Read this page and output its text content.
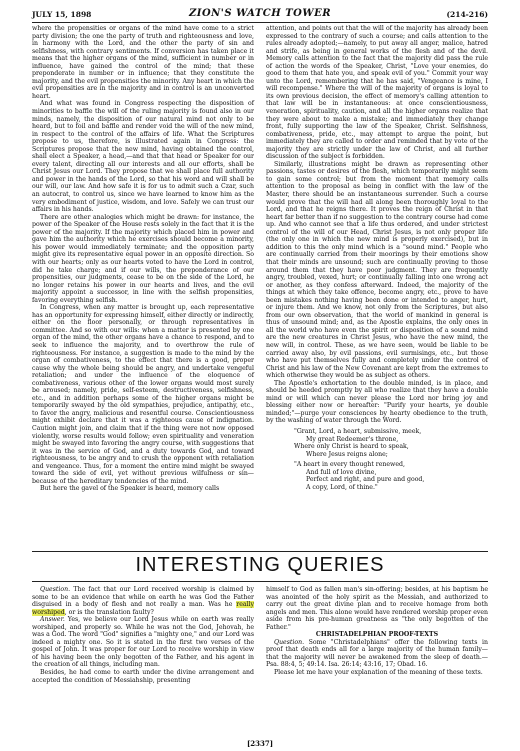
JULY 15, 1898	ZION'S WATCH TOWER	(214-216)

where the propensities or organs of the mind have come to a strict party division; the one the party of truth and righteousness and love, in harmony with the Lord, and the other the party of sin and selfishness, with contrary sentiments. If conversion has taken place it means that the higher organs of the mind, sufficient in number or in influence, have gained the control of the mind; that these preponderate in number or in influence; that they constitute the majority, and the evil propensities the minority. Any heart in which the evil propensities are in the majority and in control is an unconverted heart.

And what was found in Congress respecting the disposition of minorities to baffle the will of the ruling majority is found also in our minds, namely, the disposition of our natural mind not only to be heard, but to foil and baffle and render void the will of the new mind, in respect to the control of the affairs of life. What the Scriptures propose to us, therefore, is illustrated again in Congress: the Scriptures propose that the new mind, having obtained the control, shall elect a Speaker, a head,—and that that head or Speaker for our every talent, directing all our interests and all our efforts, shall be Christ Jesus our Lord. They propose that we shall place full authority and power in the hands of the Lord, so that his word and will shall be our will, our law. And how safe it is for us to admit such a Czar, such an autocrat, to control us, since we have learned to know him as the very embodiment of justice, wisdom, and love. Safely we can trust our affairs in his hands.

There are other analogies which might be drawn: for instance, the power of the Speaker of the House rests solely in the fact that it is the power of the majority. If the majority which placed him in power and gave him the authority which he exercises should become a minority, his power would immediately terminate; and the opposition party might give its representative equal power in an opposite direction. So with our hearts; only as our hearts voted to have the Lord in control, did he take charge; and if our wills, the preponderance of our propensities, our judgments, cease to be on the side of the Lord, he no longer retains his power in our hearts and lives, and the evil majority appoint a successor, in line with the selfish propensities, favoring everything selfish.

In Congress, when any matter is brought up, each representative has an opportunity for expressing himself, either directly or indirectly, either on the floor personally, or through representatives in committee. And so with our wills: when a matter is presented by one organ of the mind, the other organs have a chance to respond, and to seek to influence the majority, and to overthrow the rule of righteousness. For instance, a suggestion is made to the mind by the organ of combativeness, to the effect that there is a good, proper cause why the whole being should be angry, and undertake vengeful retaliation; and under the influence of the eloquence of combativeness, various other of the lower organs would most surely be aroused; namely, pride, self-esteem, destructiveness, selfishness, etc., and in addition perhaps some of the higher organs might be temporarily swayed by the old sympathies, prejudice, antipathy, etc., to favor the angry, malicious and resentful course. Conscientiousness might exhibit declare that it was a righteous cause of indignation. Caution might join, and claim that if the thing were not now opposed violently, worse results would follow; even spirituality and veneration might be swayed into favoring the angry course, with suggestions that it was in the service of God, and a duty towards God, and toward righteousness, to be angry and to crush the opponent with retaliation and vengeance. Thus, for a moment the entire mind might be swayed toward the side of evil, yet without previous wilfulness or sin—because of the hereditary tendencies of the mind.

But here the gavel of the Speaker is heard, memory calls

attention, and points out that the will of the majority has already been expressed to the contrary of such a course; and calls attention to the rules already adopted;—namely, to put away all anger, malice, hatred and strife, as being in general works of the flesh and of the devil. Memory calls attention to the fact that the majority did pass the rule of action the words of the Speaker, Christ, "Love your enemies, do good to them that hate you, and speak evil of you." Commit your way unto the Lord, remembering that he has said, "Vengeance is mine, I will recompense." Where the will of the majority of organs is loyal to its own previous decision, the effect of memory's calling attention to that law will be in instantaneous: at once conscientiousness, veneration, spirituality, caution, and all the higher organs realize that they were about to make a mistake; and immediately they change front, fully supporting the law of the Speaker, Christ. Selfishness, combativeness, pride, etc., may attempt to argue the point, but immediately they are called to order and reminded that by vote of the majority they are strictly under the law of Christ, and all further discussion of the subject is forbidden.

Similarly, illustrations might be drawn as representing other passions, tastes or desires of the flesh, which temporarily might seem to gain some control; but from the moment that memory calls attention to the proposal as being in conflict with the law of the Master, there should be an instantaneous surrender. Such a course would prove that the will had all along been thoroughly loyal to the Lord, and that he reigns there. It proves the reign of Christ in that heart far better than if no suggestion to the contrary course had come up. And who cannot see that a life thus ordered, and under strictest control of the will of our Head, Christ Jesus, is not only proper life (the only one in which the new mind is properly exercised), but in addition to this the only mind which is a "sound mind." People who are continually carried from their moorings by their emotions show that their minds are unsound; such are continually proving to those around them that they have poor judgment. They are frequently angry, troubled, vexed, hurt; or continually falling into one wrong act or another, as they confess afterward. Indeed, the majority of the things at which they take offence, become angry, etc., prove to have been mistakes nothing having been done or intended to anger, hurt, or injure them. And we know, not only from the Scriptures, but also from our own observation, that the world of mankind in general is thus of unsound mind; and, as the Apostle explains, the only ones in all the world who have even the spirit or disposition of a sound mind are the new creatures in Christ Jesus, who have the new mind, the new will, in control. These, as we have seen, would be liable to be carried away also, by evil passions, evil surmisings, etc., but those who have put themselves fully and completely under the control of Christ and his law of the New Covenant are kept from the extremes to which otherwise they would be as subject as others.

The Apostle's exhortation to the double minded, is in place, and should be heeded promptly by all who realize that they have a double mind or will which can never please the Lord nor bring joy and blessing either now or hereafter: "Purify your hearts, ye double minded;"—purge your consciences by hearty obedience to the truth, by the washing of water through the Word.

"Grant, Lord, a heart, submissive, meek,

My great Redeemer's throne,

Where only Christ is heard to speak,

Where Jesus reigns alone;

"A heart in every thought renewed,

And full of love divine,

Perfect and right, and pure and good,

A copy, Lord, of thine."

INTERESTING QUERIES

Question. The fact that our Lord received worship is claimed by some to be an evidence that while on earth he was God the Father disguised in a body of flesh and not really a man. Was he really worshiped, or is the translation faulty?

Answer. Yes, we believe our Lord Jesus while on earth was really worshiped, and properly so. While he was not the God, Jehovah, he was a God. The word "God" signifies a "mighty one," and our Lord was indeed a mighty one. So it is stated in the first two verses of the gospel of John. It was proper for our Lord to receive worship in view of his having been the only begotten of the Father, and his agent in the creation of all things, including man.

Besides, he had come to earth under the divine arrangement and accepted the condition of Messiahship, presenting

himself to God as fallen man's sin-offering; besides, at his baptism he was anointed of the holy spirit as the Messiah, and authorized to carry out the great divine plan and to receive homage from both angels and men. This alone would have rendered worship proper even aside from his pre-human greatness as "the only begotten of the Father."

CHRISTADELPHIAN PROOF-TEXTS

Question. Some "Christadelphians" offer the following texts in proof that death ends all for a large majority of the human family—that the majority will never be awakened from the sleep of death.—Psa. 88:4, 5; 49:14. Isa. 26:14; 43:16, 17; Obad. 16.

Please let me have your explanation of the meaning of these texts.

[2337]
